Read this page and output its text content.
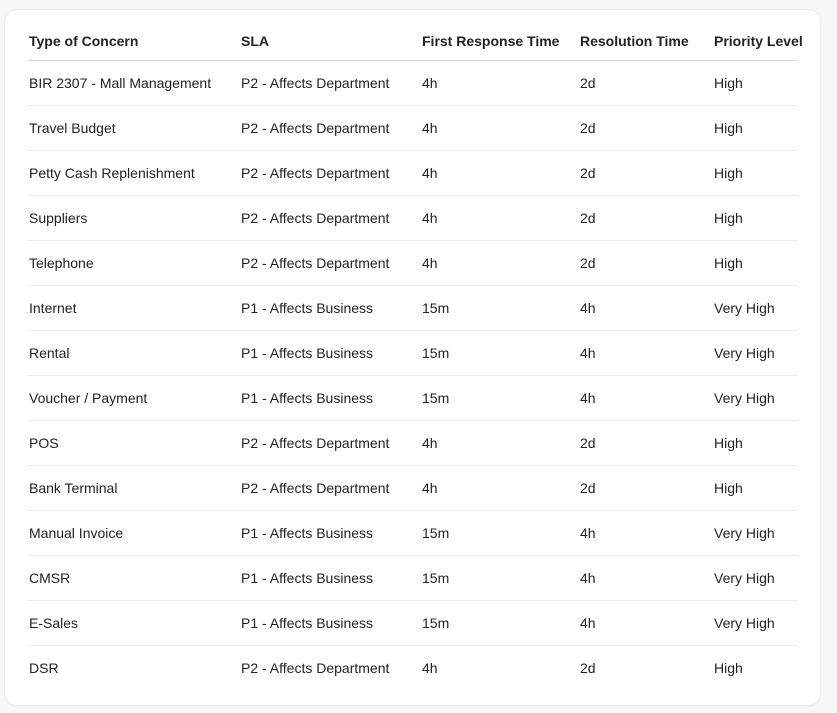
Type of Concern	SLA	First Response Time	Resolution Time	Priority Level
BIR 2307 - Mall Management	P2 - Affects Department	4h	2d	High
Travel Budget	P2 - Affects Department	4h	2d	High
Petty Cash Replenishment	P2 - Affects Department	4h	2d	High
Suppliers	P2 - Affects Department	4h	2d	High
Telephone	P2 - Affects Department	4h	2d	High
Internet	P1 - Affects Business	15m	4h	Very High
Rental	P1 - Affects Business	15m	4h	Very High
Voucher / Payment	P1 - Affects Business	15m	4h	Very High
POS	P2 - Affects Department	4h	2d	High
Bank Terminal	P2 - Affects Department	4h	2d	High
Manual Invoice	P1 - Affects Business	15m	4h	Very High
CMSR	P1 - Affects Business	15m	4h	Very High
E-Sales	P1 - Affects Business	15m	4h	Very High
DSR	P2 - Affects Department	4h	2d	High
